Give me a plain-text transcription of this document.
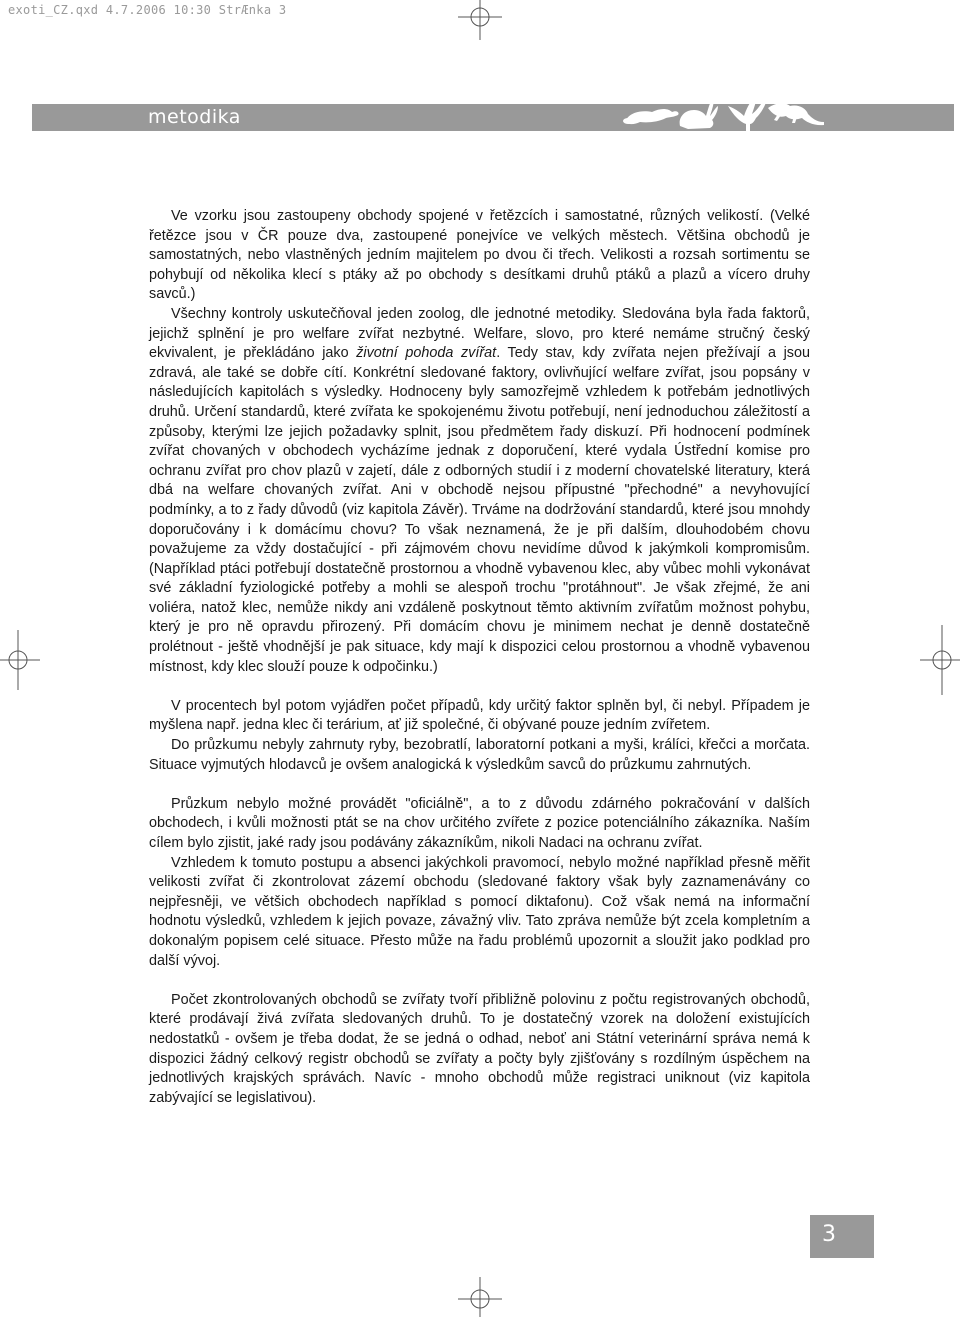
exoti_CZ.qxd 4.7.2006 10:30 StrÆnka 3
metodika

Ve vzorku jsou zastoupeny obchody spojené v řetězcích i samostatné, různých velikostí. (Velké řetězce jsou v ČR pouze dva, zastoupené ponejvíce ve velkých městech. Většina obchodů je samostatných, nebo vlastněných jedním majitelem po dvou či třech. Velikosti a rozsah sortimentu se pohybují od několika klecí s ptáky až po obchody s desítkami druhů ptáků a plazů a vícero druhy savců.)

Všechny kontroly uskutečňoval jeden zoolog, dle jednotné metodiky. Sledována byla řada faktorů, jejichž splnění je pro welfare zvířat nezbytné. Welfare, slovo, pro které nemáme stručný český ekvivalent, je překládáno jako životní pohoda zvířat. Tedy stav, kdy zvířata nejen přežívají a jsou zdravá, ale také se dobře cítí. Konkrétní sledované faktory, ovlivňující welfare zvířat, jsou popsány v následujících kapitolách s výsledky. Hodnoceny byly samozřejmě vzhledem k potřebám jednotlivých druhů. Určení standardů, které zvířata ke spokojenému životu potřebují, není jednoduchou záležitostí a způsoby, kterými lze jejich požadavky splnit, jsou předmětem řady diskuzí. Při hodnocení podmínek zvířat chovaných v obchodech vycházíme jednak z doporučení, které vydala Ústřední komise pro ochranu zvířat pro chov plazů v zajetí, dále z odborných studií i z moderní chovatelské literatury, která dbá na welfare chovaných zvířat. Ani v obchodě nejsou přípustné "přechodné" a nevyhovující podmínky, a to z řady důvodů (viz kapitola Závěr). Trváme na dodržování standardů, které jsou mnohdy doporučovány i k domácímu chovu? To však neznamená, že je při dalším, dlouhodobém chovu považujeme za vždy dostačující - při zájmovém chovu nevidíme důvod k jakýmkoli kompromisům. (Například ptáci potřebují dostatečně prostornou a vhodně vybavenou klec, aby vůbec mohli vykonávat své základní fyziologické potřeby a mohli se alespoň trochu "protáhnout". Je však zřejmé, že ani voliéra, natož klec, nemůže nikdy ani vzdáleně poskytnout těmto aktivním zvířatům možnost pohybu, který je pro ně opravdu přirozený. Při domácím chovu je minimem nechat je denně dostatečně prolétnout - ještě vhodnější je pak situace, kdy mají k dispozici celou prostornou a vhodně vybavenou místnost, kdy klec slouží pouze k odpočinku.)

V procentech byl potom vyjádřen počet případů, kdy určitý faktor splněn byl, či nebyl. Případem je myšlena např. jedna klec či terárium, ať již společné, či obývané pouze jedním zvířetem.

Do průzkumu nebyly zahrnuty ryby, bezobratlí, laboratorní potkani a myši, králíci, křečci a morčata. Situace vyjmutých hlodavců je ovšem analogická k výsledkům savců do průzkumu zahrnutých.

Průzkum nebylo možné provádět "oficiálně", a to z důvodu zdárného pokračování v dalších obchodech, i kvůli možnosti ptát se na chov určitého zvířete z pozice potenciálního zákazníka. Naším cílem bylo zjistit, jaké rady jsou podávány zákazníkům, nikoli Nadaci na ochranu zvířat.

Vzhledem k tomuto postupu a absenci jakýchkoli pravomocí, nebylo možné například přesně měřit velikosti zvířat či zkontrolovat zázemí obchodu (sledované faktory však byly zaznamenávány co nejpřesněji, ve většich obchodech například s pomocí diktafonu). Což však nemá na informační hodnotu výsledků, vzhledem k jejich povaze, závažný vliv. Tato zpráva nemůže být zcela kompletním a dokonalým popisem celé situace. Přesto může na řadu problémů upozornit a sloužit jako podklad pro další vývoj.

Počet zkontrolovaných obchodů se zvířaty tvoří přibližně polovinu z počtu registrovaných obchodů, které prodávají živá zvířata sledovaných druhů. To je dostatečný vzorek na doložení existujících nedostatků - ovšem je třeba dodat, že se jedná o odhad, neboť ani Státní veterinární správa nemá k dispozici žádný celkový registr obchodů se zvířaty a počty byly zjišťovány s rozdílným úspěchem na jednotlivých krajských správách. Navíc - mnoho obchodů může registraci uniknout (viz kapitola zabývající se legislativou).

3
